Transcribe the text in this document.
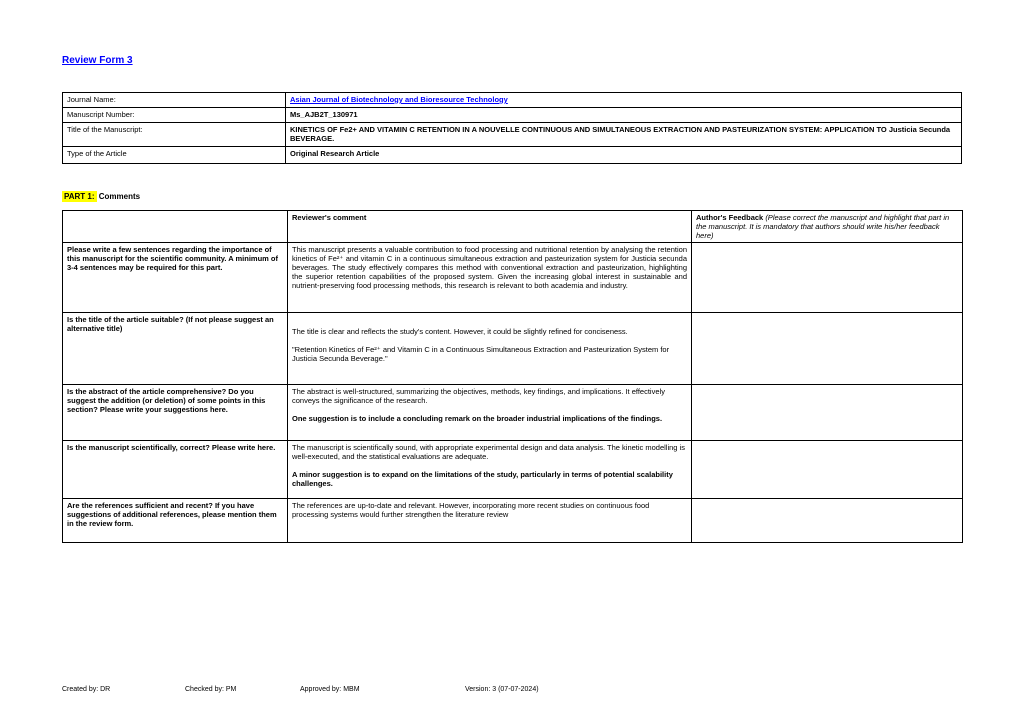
Review Form 3
Journal Name:	Asian Journal of Biotechnology and Bioresource Technology
Manuscript Number:	Ms_AJB2T_130971
Title of the Manuscript:	KINETICS OF Fe2+ AND VITAMIN C RETENTION IN A NOUVELLE CONTINUOUS AND SIMULTANEOUS EXTRACTION AND PASTEURIZATION SYSTEM: APPLICATION TO Justicia Secunda BEVERAGE.
Type of the Article	Original Research Article
PART 1: Comments
	Reviewer's comment	Author's Feedback (Please correct the manuscript and highlight that part in the manuscript. It is mandatory that authors should write his/her feedback here)
Please write a few sentences regarding the importance of this manuscript for the scientific community. A minimum of 3-4 sentences may be required for this part.	This manuscript presents a valuable contribution to food processing and nutritional retention by analysing the retention kinetics of Fe²⁺ and vitamin C in a continuous simultaneous extraction and pasteurization system for Justicia secunda beverages. The study effectively compares this method with conventional extraction and pasteurization, highlighting the superior retention capabilities of the proposed system. Given the increasing global interest in sustainable and nutrient-preserving food processing methods, this research is relevant to both academia and industry.	

Is the title of the article suitable? (If not please suggest an alternative title)	The title is clear and reflects the study's content. However, it could be slightly refined for conciseness.

"Retention Kinetics of Fe²⁺ and Vitamin C in a Continuous Simultaneous Extraction and Pasteurization System for Justicia Secunda Beverage."	

Is the abstract of the article comprehensive? Do you suggest the addition (or deletion) of some points in this section? Please write your suggestions here.	The abstract is well-structured, summarizing the objectives, methods, key findings, and implications. It effectively conveys the significance of the research.

One suggestion is to include a concluding remark on the broader industrial implications of the findings.	

Is the manuscript scientifically, correct? Please write here.	The manuscript is scientifically sound, with appropriate experimental design and data analysis. The kinetic modelling is well-executed, and the statistical evaluations are adequate.

A minor suggestion is to expand on the limitations of the study, particularly in terms of potential scalability challenges.	

Are the references sufficient and recent? If you have suggestions of additional references, please mention them in the review form.	The references are up-to-date and relevant. However, incorporating more recent studies on continuous food processing systems would further strengthen the literature review	

Created by: DR	Checked by: PM	Approved by: MBM	Version: 3 (07-07-2024)
